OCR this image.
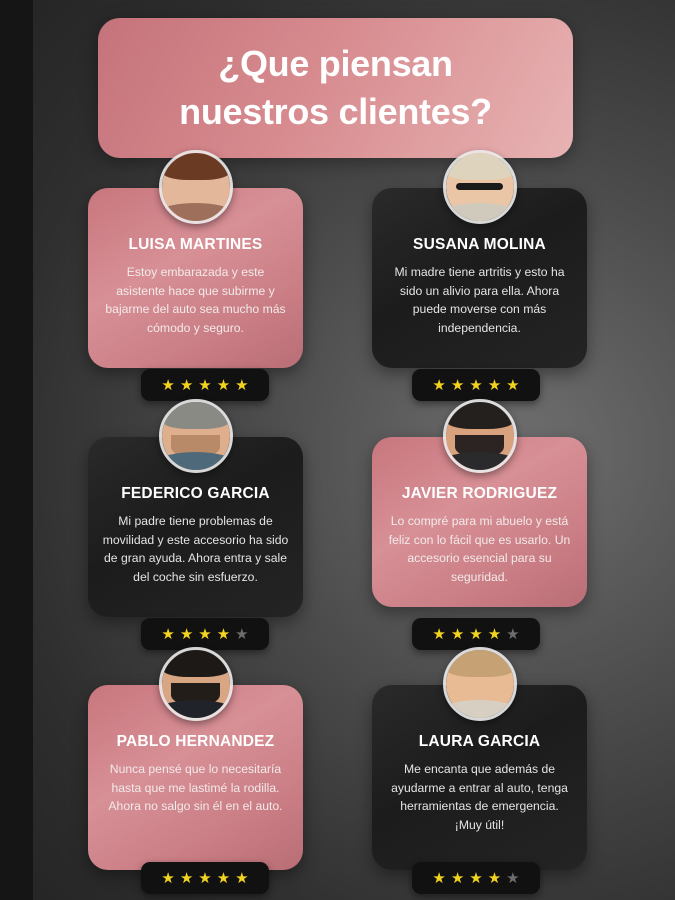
¿Que piensan
nuestros clientes?
LUISA MARTINES
Estoy embarazada y este asistente hace que subirme y bajarme del auto sea mucho más cómodo y seguro.
★ ★ ★ ★ ★
SUSANA MOLINA
Mi madre tiene artritis y esto ha sido un alivio para ella. Ahora puede moverse con más independencia.
★ ★ ★ ★ ★
FEDERICO GARCIA
Mi padre tiene problemas de movilidad y este accesorio ha sido de gran ayuda. Ahora entra y sale del coche sin esfuerzo.
★ ★ ★ ★ ★
JAVIER RODRIGUEZ
Lo compré para mi abuelo y está feliz con lo fácil que es usarlo. Un accesorio esencial para su seguridad.
★ ★ ★ ★ ★
PABLO HERNANDEZ
Nunca pensé que lo necesitaría hasta que me lastimé la rodilla. Ahora no salgo sin él en el auto.
★ ★ ★ ★ ★
LAURA GARCIA
Me encanta que además de ayudarme a entrar al auto, tenga herramientas de emergencia. ¡Muy útil!
★ ★ ★ ★ ★
